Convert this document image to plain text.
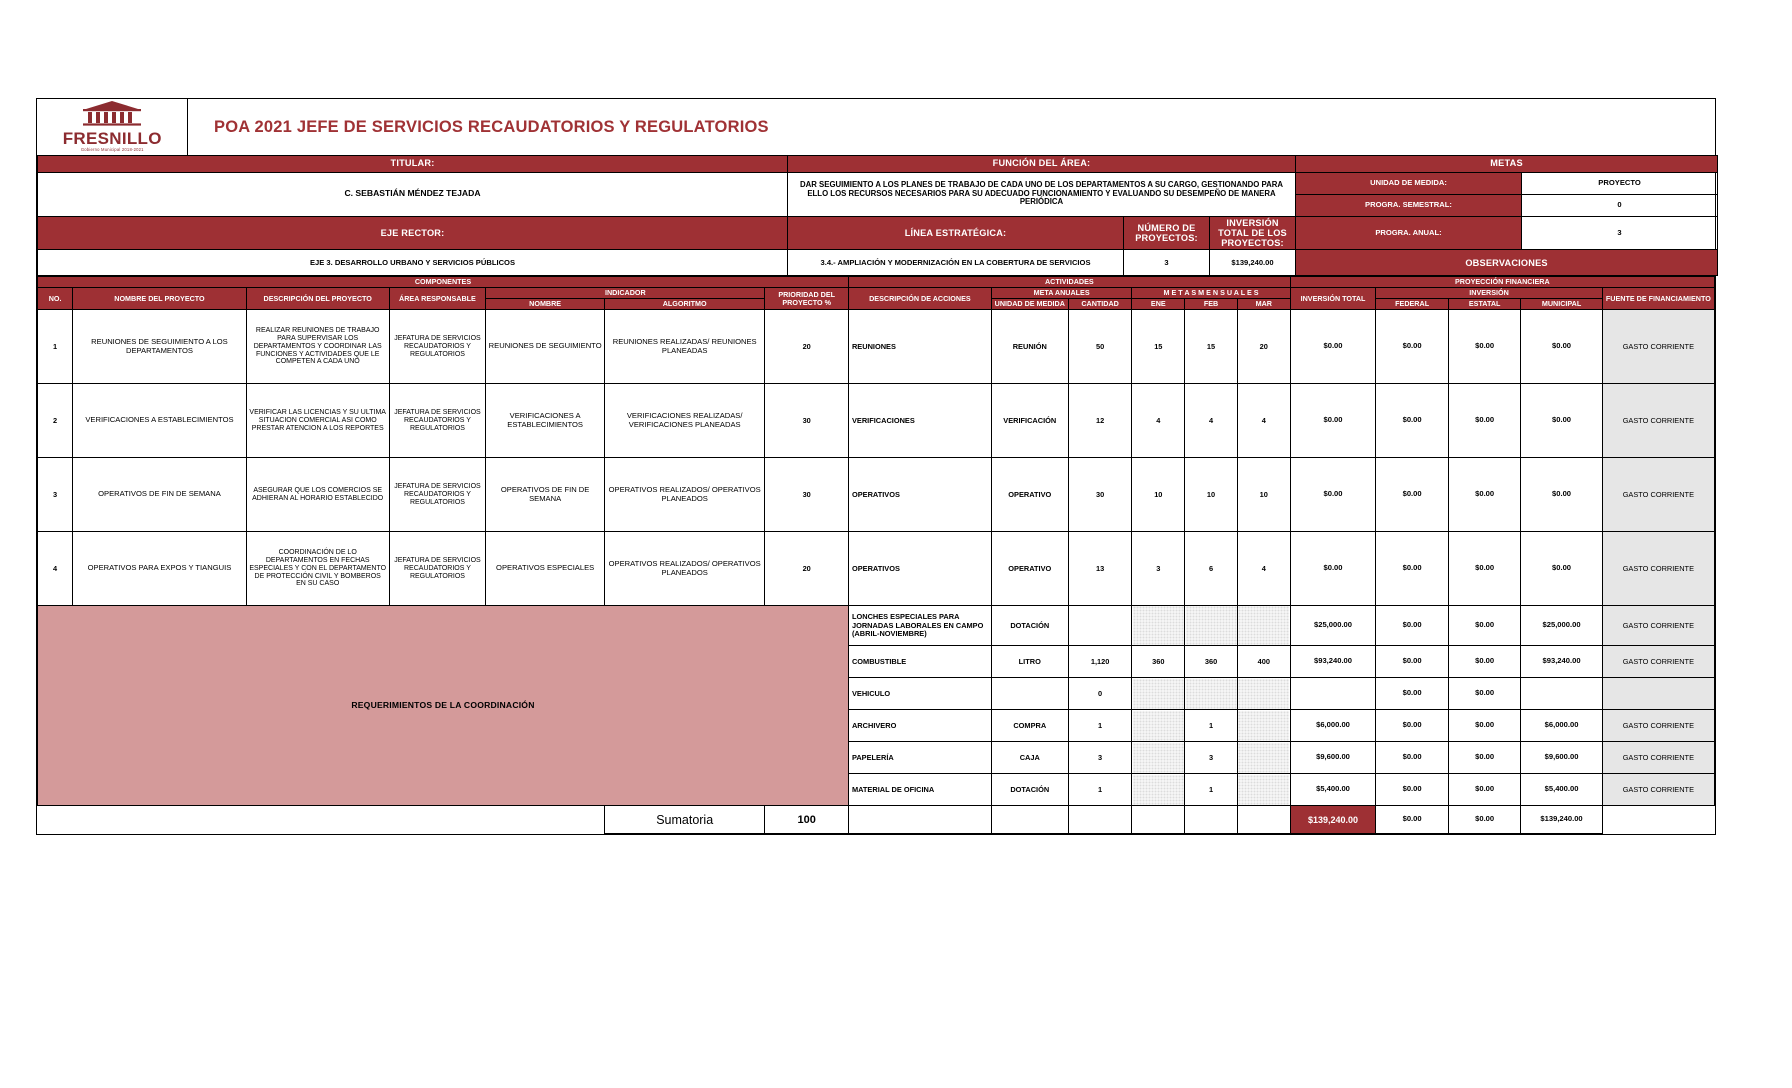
FRESNILLO
Gobierno Municipal 2018-2021	POA 2021 JEFE DE SERVICIOS RECAUDATORIOS Y REGULATORIOS					
TITULAR:		FUNCIÓN DEL ÁREA:			METAS	
C. SEBASTIÁN MÉNDEZ TEJADA		DAR SEGUIMIENTO A LOS PLANES DE TRABAJO DE CADA UNO DE LOS DEPARTAMENTOS A SU CARGO, GESTIONANDO PARA ELLO LOS RECURSOS NECESARIOS PARA SU ADECUADO FUNCIONAMIENTO Y EVALUANDO SU DESEMPEÑO DE MANERA PERIÓDICA			UNIDAD DE MEDIDA:	PROYECTO
					PROGRA. SEMESTRAL:	0
EJE RECTOR:		LÍNEA ESTRATÉGICA:	NÚMERO DE PROYECTOS:	INVERSIÓN TOTAL DE LOS PROYECTOS:	PROGRA. ANUAL:	3
EJE 3. DESARROLLO URBANO Y SERVICIOS PÚBLICOS		3.4.- AMPLIACIÓN Y MODERNIZACIÓN EN LA COBERTURA DE SERVICIOS	3	$139,240.00	OBSERVACIONES	
COMPONENTES							ACTIVIDADES						PROYECCIÓN FINANCIERA				
NO.	NOMBRE DEL PROYECTO	DESCRIPCIÓN DEL PROYECTO	ÁREA RESPONSABLE	INDICADOR		PRIORIDAD DEL PROYECTO %	DESCRIPCIÓN DE ACCIONES	META ANUALES		M E T A S M E N S U A L E S			INVERSIÓN TOTAL	INVERSIÓN			FUENTE DE FINANCIAMIENTO
				NOMBRE	ALGORITMO			UNIDAD DE MEDIDA	CANTIDAD	ENE	FEB	MAR		FEDERAL	ESTATAL	MUNICIPAL	
1	REUNIONES DE SEGUIMIENTO A LOS DEPARTAMENTOS	REALIZAR REUNIONES DE TRABAJO PARA SUPERVISAR LOS DEPARTAMENTOS Y COORDINAR LAS FUNCIONES Y ACTIVIDADES QUE LE COMPETEN A CADA UNO	JEFATURA DE SERVICIOS RECAUDATORIOS Y REGULATORIOS	REUNIONES DE SEGUIMIENTO	REUNIONES REALIZADAS/ REUNIONES PLANEADAS	20	REUNIONES	REUNIÓN	50	15	15	20	$0.00	$0.00	$0.00	$0.00	GASTO CORRIENTE
2	VERIFICACIONES A ESTABLECIMIENTOS	VERIFICAR LAS LICENCIAS Y SU ULTIMA SITUACION COMERCIAL ASI COMO PRESTAR ATENCION A LOS REPORTES	JEFATURA DE SERVICIOS RECAUDATORIOS Y REGULATORIOS	VERIFICACIONES A ESTABLECIMIENTOS	VERIFICACIONES REALIZADAS/ VERIFICACIONES PLANEADAS	30	VERIFICACIONES	VERIFICACIÓN	12	4	4	4	$0.00	$0.00	$0.00	$0.00	GASTO CORRIENTE
3	OPERATIVOS DE FIN DE SEMANA	ASEGURAR QUE LOS COMERCIOS SE ADHIERAN AL HORARIO ESTABLECIDO	JEFATURA DE SERVICIOS RECAUDATORIOS Y REGULATORIOS	OPERATIVOS DE FIN DE SEMANA	OPERATIVOS REALIZADOS/ OPERATIVOS PLANEADOS	30	OPERATIVOS	OPERATIVO	30	10	10	10	$0.00	$0.00	$0.00	$0.00	GASTO CORRIENTE
4	OPERATIVOS PARA EXPOS Y TIANGUIS	COORDINACIÓN DE LO DEPARTAMENTOS EN FECHAS ESPECIALES Y CON EL DEPARTAMENTO DE PROTECCIÓN CIVIL Y BOMBEROS EN SU CASO	JEFATURA DE SERVICIOS RECAUDATORIOS Y REGULATORIOS	OPERATIVOS ESPECIALES	OPERATIVOS REALIZADOS/ OPERATIVOS PLANEADOS	20	OPERATIVOS	OPERATIVO	13	3	6	4	$0.00	$0.00	$0.00	$0.00	GASTO CORRIENTE
REQUERIMIENTOS DE LA COORDINACIÓN							LONCHES ESPECIALES PARA JORNADAS LABORALES EN CAMPO (ABRIL-NOVIEMBRE)	DOTACIÓN					$25,000.00	$0.00	$0.00	$25,000.00	GASTO CORRIENTE
							COMBUSTIBLE	LITRO	1,120	360	360	400	$93,240.00	$0.00	$0.00	$93,240.00	GASTO CORRIENTE
							VEHICULO		0					$0.00	$0.00		
							ARCHIVERO	COMPRA	1		1		$6,000.00	$0.00	$0.00	$6,000.00	GASTO CORRIENTE
							PAPELERÍA	CAJA	3		3		$9,600.00	$0.00	$0.00	$9,600.00	GASTO CORRIENTE
							MATERIAL DE OFICINA	DOTACIÓN	1		1		$5,400.00	$0.00	$0.00	$5,400.00	GASTO CORRIENTE
					Sumatoria	100							$139,240.00	$0.00	$0.00	$139,240.00	
